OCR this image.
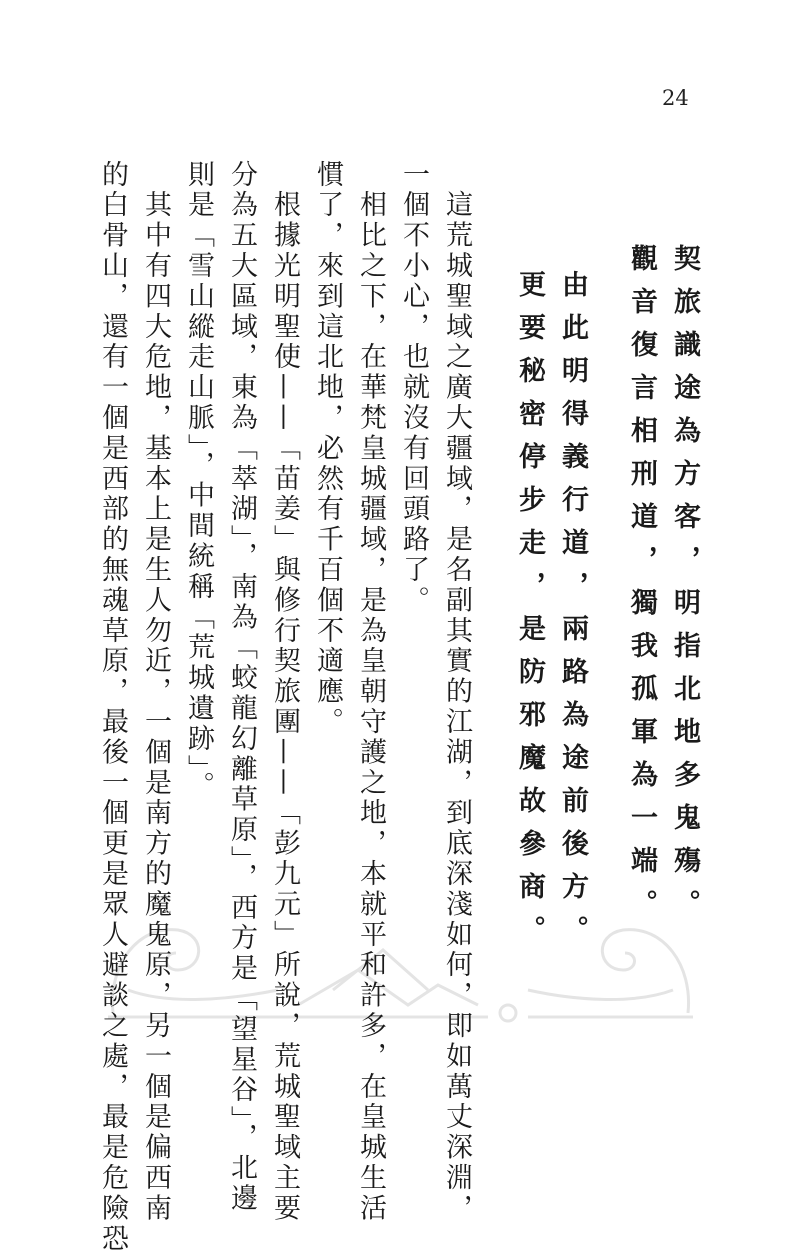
24
契旅識途為方客，明指北地多鬼殤。
觀音復言相刑道，獨我孤軍為一端。
由此明得義行道，兩路為途前後方。
更要秘密停步走，是防邪魔故參商。
　這荒城聖域之廣大疆域，是名副其實的江湖，到底深淺如何，即如萬丈深淵，
一個不小心，也就沒有回頭路了。
　相比之下，在華梵皇城疆域，是為皇朝守護之地，本就平和許多，在皇城生活
慣了，來到這北地，必然有千百個不適應。
　根據光明聖使——「苗姜」與修行契旅團——「彭九元」所說，荒城聖域主要
分為五大區域，東為「萃湖」，南為「蛟龍幻離草原」，西方是「望星谷」，北邊
則是「雪山縱走山脈」，中間統稱「荒城遺跡」。
　其中有四大危地，基本上是生人勿近，一個是南方的魔鬼原，另一個是偏西南
的白骨山，還有一個是西部的無魂草原，最後一個更是眾人避談之處，最是危險恐
